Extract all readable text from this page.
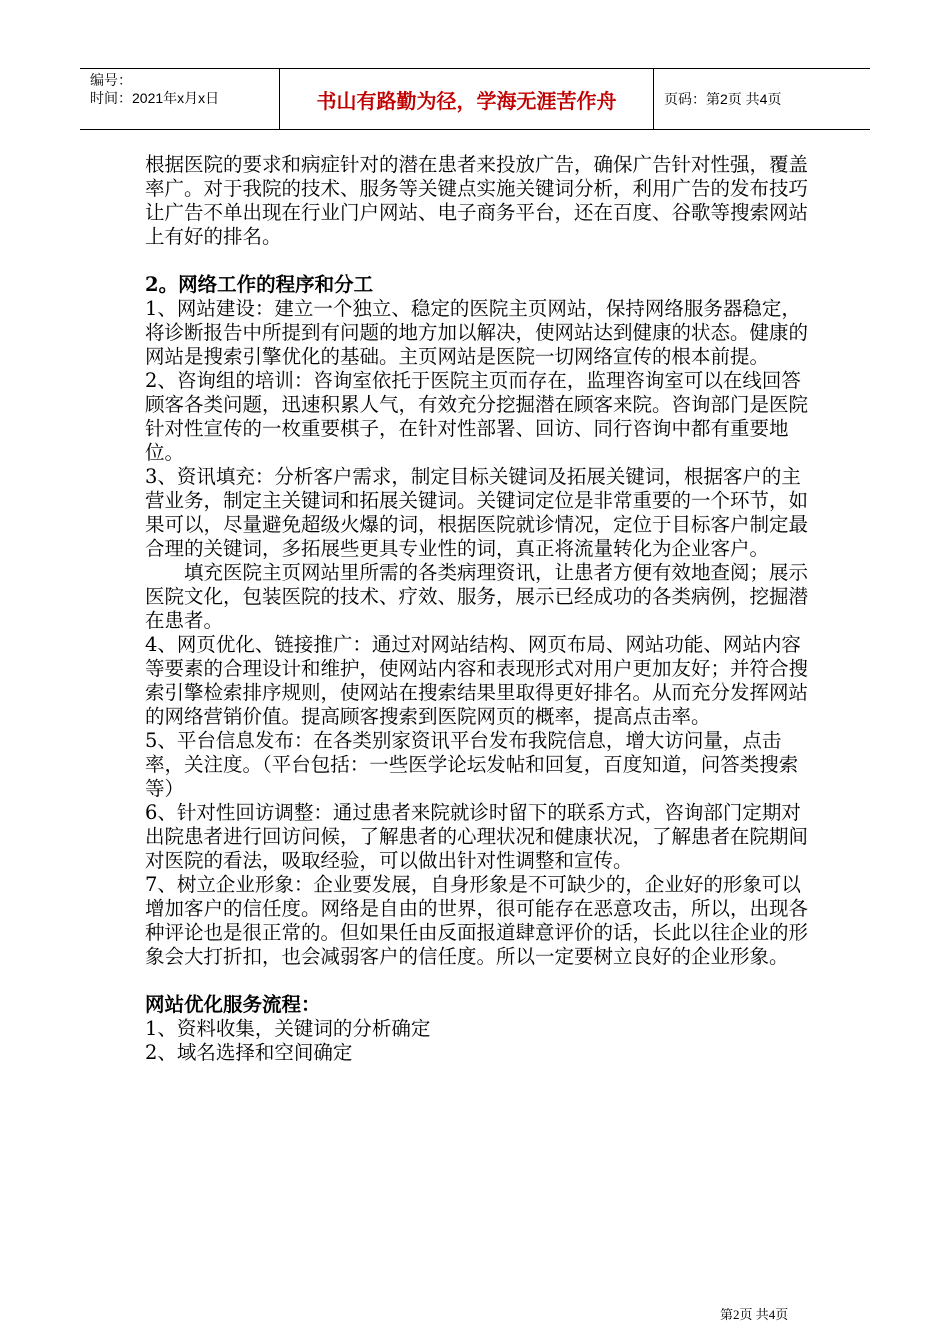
编号：
时间：2021年x月x日	书山有路勤为径，学海无涯苦作舟	页码：第2页 共4页

根据医院的要求和病症针对的潜在患者来投放广告，确保广告针对性强，覆盖率广。对于我院的技术、服务等关键点实施关键词分析，利用广告的发布技巧让广告不单出现在行业门户网站、电子商务平台，还在百度、谷歌等搜索网站上有好的排名。

2。网络工作的程序和分工

1、网站建设：建立一个独立、稳定的医院主页网站，保持网络服务器稳定，将诊断报告中所提到有问题的地方加以解决，使网站达到健康的状态。健康的网站是搜索引擎优化的基础。主页网站是医院一切网络宣传的根本前提。

2、咨询组的培训：咨询室依托于医院主页而存在，监理咨询室可以在线回答顾客各类问题，迅速积累人气，有效充分挖掘潜在顾客来院。咨询部门是医院针对性宣传的一枚重要棋子，在针对性部署、回访、同行咨询中都有重要地位。

3、资讯填充：分析客户需求，制定目标关键词及拓展关键词，根据客户的主营业务，制定主关键词和拓展关键词。关键词定位是非常重要的一个环节，如果可以，尽量避免超级火爆的词，根据医院就诊情况，定位于目标客户制定最合理的关键词，多拓展些更具专业性的词，真正将流量转化为企业客户。

填充医院主页网站里所需的各类病理资讯，让患者方便有效地查阅；展示医院文化，包装医院的技术、疗效、服务，展示已经成功的各类病例，挖掘潜在患者。

4、网页优化、链接推广：通过对网站结构、网页布局、网站功能、网站内容等要素的合理设计和维护，使网站内容和表现形式对用户更加友好；并符合搜索引擎检索排序规则，使网站在搜索结果里取得更好排名。从而充分发挥网站的网络营销价值。提高顾客搜索到医院网页的概率，提高点击率。

5、平台信息发布：在各类别家资讯平台发布我院信息，增大访问量，点击率，关注度。（平台包括：一些医学论坛发帖和回复，百度知道，问答类搜索等）

6、针对性回访调整：通过患者来院就诊时留下的联系方式，咨询部门定期对出院患者进行回访问候，了解患者的心理状况和健康状况，了解患者在院期间对医院的看法，吸取经验，可以做出针对性调整和宣传。

7、树立企业形象：企业要发展，自身形象是不可缺少的，企业好的形象可以增加客户的信任度。网络是自由的世界，很可能存在恶意攻击，所以，出现各种评论也是很正常的。但如果任由反面报道肆意评价的话，长此以往企业的形象会大打折扣，也会减弱客户的信任度。所以一定要树立良好的企业形象。

网站优化服务流程：

1、资料收集，关键词的分析确定

2、域名选择和空间确定

第2页 共4页
